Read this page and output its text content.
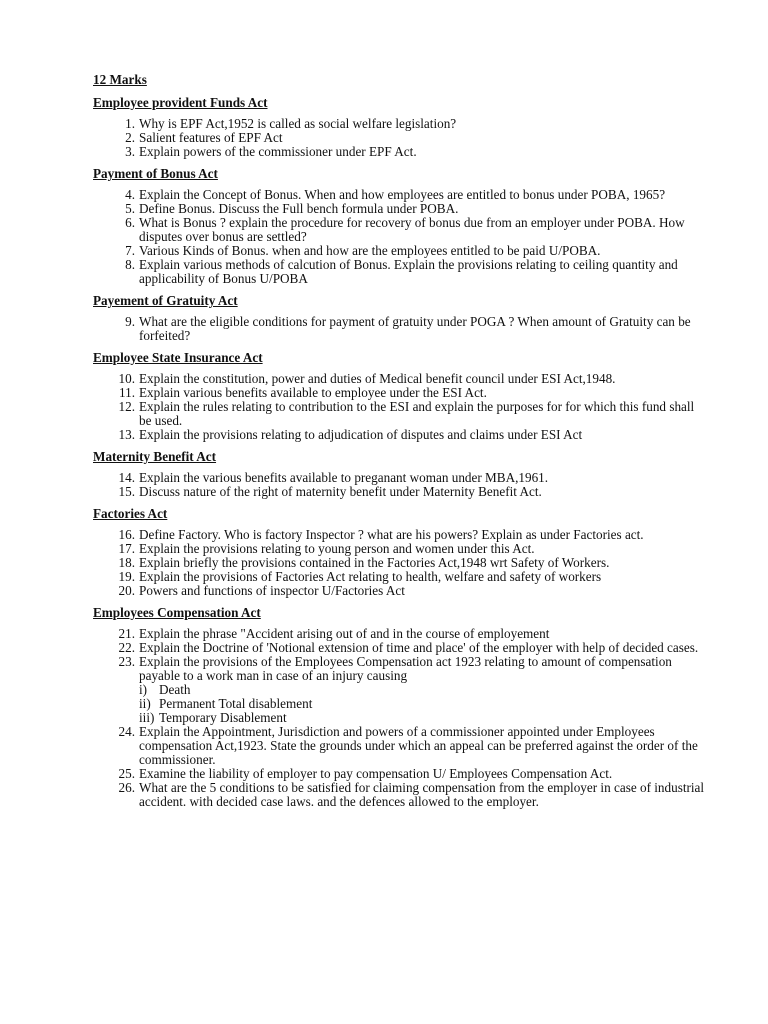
12 Marks
Employee provident Funds Act
1. Why is EPF Act,1952 is called as social welfare legislation?
2. Salient features of EPF Act
3. Explain powers of the commissioner under EPF Act.
Payment of Bonus Act
4. Explain the Concept of Bonus. When and how employees are entitled to bonus under POBA, 1965?
5. Define Bonus. Discuss the Full bench formula under POBA.
6. What is Bonus ? explain the procedure for recovery of bonus due from an employer under POBA. How disputes over bonus are settled?
7. Various Kinds of Bonus. when and how are the employees entitled to be paid U/POBA.
8. Explain various methods of calcution of Bonus. Explain the provisions relating to ceiling quantity and applicability of Bonus U/POBA
Payement of Gratuity Act
9. What are the eligible conditions for payment of gratuity under POGA ? When amount of Gratuity can be forfeited?
Employee State Insurance Act
10. Explain the constitution, power and duties of Medical benefit council under ESI Act,1948.
11. Explain various benefits available to employee under the ESI Act.
12. Explain the rules relating to contribution to the ESI and explain the purposes for for which this fund shall be used.
13. Explain the provisions relating to adjudication of disputes and claims under ESI Act
Maternity Benefit Act
14. Explain the various benefits available to preganant woman under MBA,1961.
15. Discuss nature of the right of maternity benefit under Maternity Benefit Act.
Factories Act
16. Define Factory. Who is factory Inspector ? what are his powers? Explain as under Factories act.
17. Explain the provisions relating to young person and women under this Act.
18. Explain briefly the provisions contained in the Factories Act,1948 wrt Safety of Workers.
19. Explain the provisions of Factories Act relating to health, welfare and safety of workers
20. Powers and functions of inspector U/Factories Act
Employees Compensation Act
21. Explain the phrase "Accident arising out of and in the course of employement
22. Explain the Doctrine of 'Notional extension of time and place' of the employer with help of decided cases.
23. Explain the provisions of the Employees Compensation act 1923 relating to amount of compensation payable to a work man in case of an injury causing
i) Death
ii) Permanent Total disablement
iii) Temporary Disablement
24. Explain the Appointment, Jurisdiction and powers of a commissioner appointed under Employees compensation Act,1923. State the grounds under which an appeal can be preferred against the order of the commissioner.
25. Examine the liability of employer to pay compensation U/ Employees Compensation Act.
26. What are the 5 conditions to be satisfied for claiming compensation from the employer in case of industrial accident. with decided case laws. and the defences allowed to the employer.
